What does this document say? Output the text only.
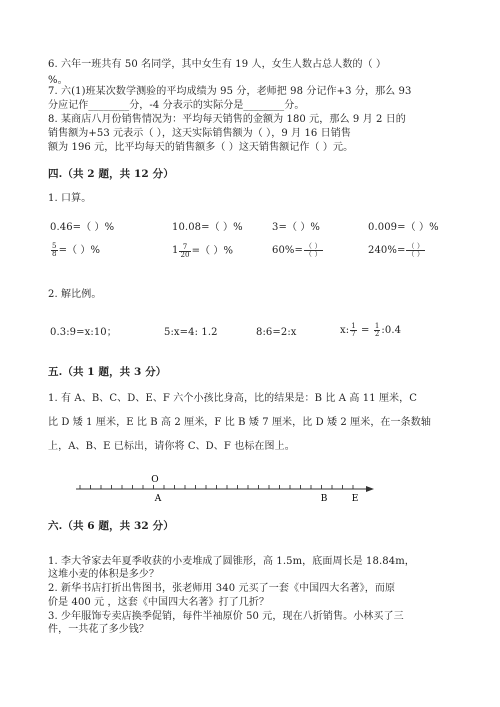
6. 六年一班共有 50 名同学，其中女生有 19 人，女生人数占总人数的（ ）
%。
7. 六(1)班某次数学测验的平均成绩为 95 分，老师把 98 分记作+3 分，那么 93
分应记作________分，-4 分表示的实际分是________分。
8. 某商店八月份销售情况为：平均每天销售的金额为 180 元，那么 9 月 2 日的
销售额为+53 元表示（ ），这天实际销售额为（ ），9 月 16 日销售
额为 196 元，比平均每天的销售额多（ ）这天销售额记作（ ）元。
四.（共 2 题，共 12 分）
1. 口算。
0.46=（ ）%	10.08=（ ）%	3=（ ）%	0.009=（ ）%
$\frac{5}{8}$ =（ ）%	$1 \frac{7}{20}$ =（ ）%	$60\%= \frac{( )}{( )}$	$240\%= \frac{( )}{( )}$
2. 解比例。
0.3:9=x:10；	5:x=4: 1.2	8:6=2:x	x: $\frac{1}{7} = \frac{1}{2}$ :0.4
五.（共 1 题，共 3 分）
1. 有 A、B、C、D、E、F 六个小孩比身高，比的结果是：B 比 A 高 11 厘米，C
比 D 矮 1 厘米，E 比 B 高 2 厘米，F 比 B 矮 7 厘米，比 D 矮 2 厘米，在一条数轴
上，A、B、E 已标出，请你将 C、D、F 也标在图上。
O
A	B	E
六.（共 6 题，共 32 分）
1. 李大爷家去年夏季收获的小麦堆成了圆锥形，高 1.5m，底面周长是 18.84m，
这堆小麦的体积是多少？
2. 新华书店打折出售图书，张老师用 340 元买了一套《中国四大名著》，而原
价是 400 元 ，这套《中国四大名著》打了几折？
3. 少年服饰专卖店换季促销，每件半袖原价 50 元，现在八折销售。小林买了三
件，一共花了多少钱？
